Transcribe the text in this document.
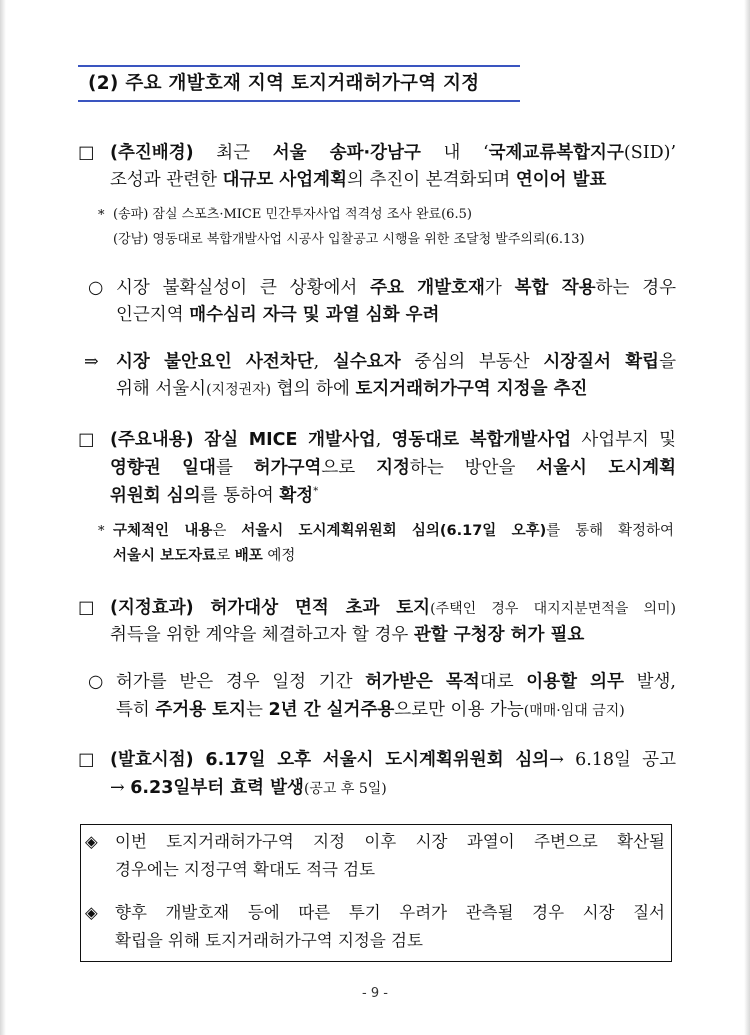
(2) 주요 개발호재 지역 토지거래허가구역 지정
□ (추진배경) 최근 서울 송파·강남구 내 ‘국제교류복합지구(SID)’
조성과 관련한 대규모 사업계획의 추진이 본격화되며 연이어 발표
* (송파) 잠실 스포츠·MICE 민간투자사업 적격성 조사 완료(6.5)
(강남) 영동대로 복합개발사업 시공사 입찰공고 시행을 위한 조달청 발주의뢰(6.13)
○ 시장 불확실성이 큰 상황에서 주요 개발호재가 복합 작용하는 경우
인근지역 매수심리 자극 및 과열 심화 우려
⇒ 시장 불안요인 사전차단, 실수요자 중심의 부동산 시장질서 확립을
위해 서울시(지정권자) 협의 하에 토지거래허가구역 지정을 추진
□ (주요내용) 잠실 MICE 개발사업, 영동대로 복합개발사업 사업부지 및
영향권 일대를 허가구역으로 지정하는 방안을 서울시 도시계획
위원회 심의를 통하여 확정*
* 구체적인 내용은 서울시 도시계획위원회 심의(6.17일 오후)를 통해 확정하여
서울시 보도자료로 배포 예정
□ (지정효과) 허가대상 면적 초과 토지(주택인 경우 대지지분면적을 의미)
취득을 위한 계약을 체결하고자 할 경우 관할 구청장 허가 필요
○ 허가를 받은 경우 일정 기간 허가받은 목적대로 이용할 의무 발생,
특히 주거용 토지는 2년 간 실거주용으로만 이용 가능(매매·임대 금지)
□ (발효시점) 6.17일 오후 서울시 도시계획위원회 심의→ 6.18일 공고
→ 6.23일부터 효력 발생(공고 후 5일)
◈ 이번 토지거래허가구역 지정 이후 시장 과열이 주변으로 확산될
경우에는 지정구역 확대도 적극 검토
◈ 향후 개발호재 등에 따른 투기 우려가 관측될 경우 시장 질서
확립을 위해 토지거래허가구역 지정을 검토
- 9 -
